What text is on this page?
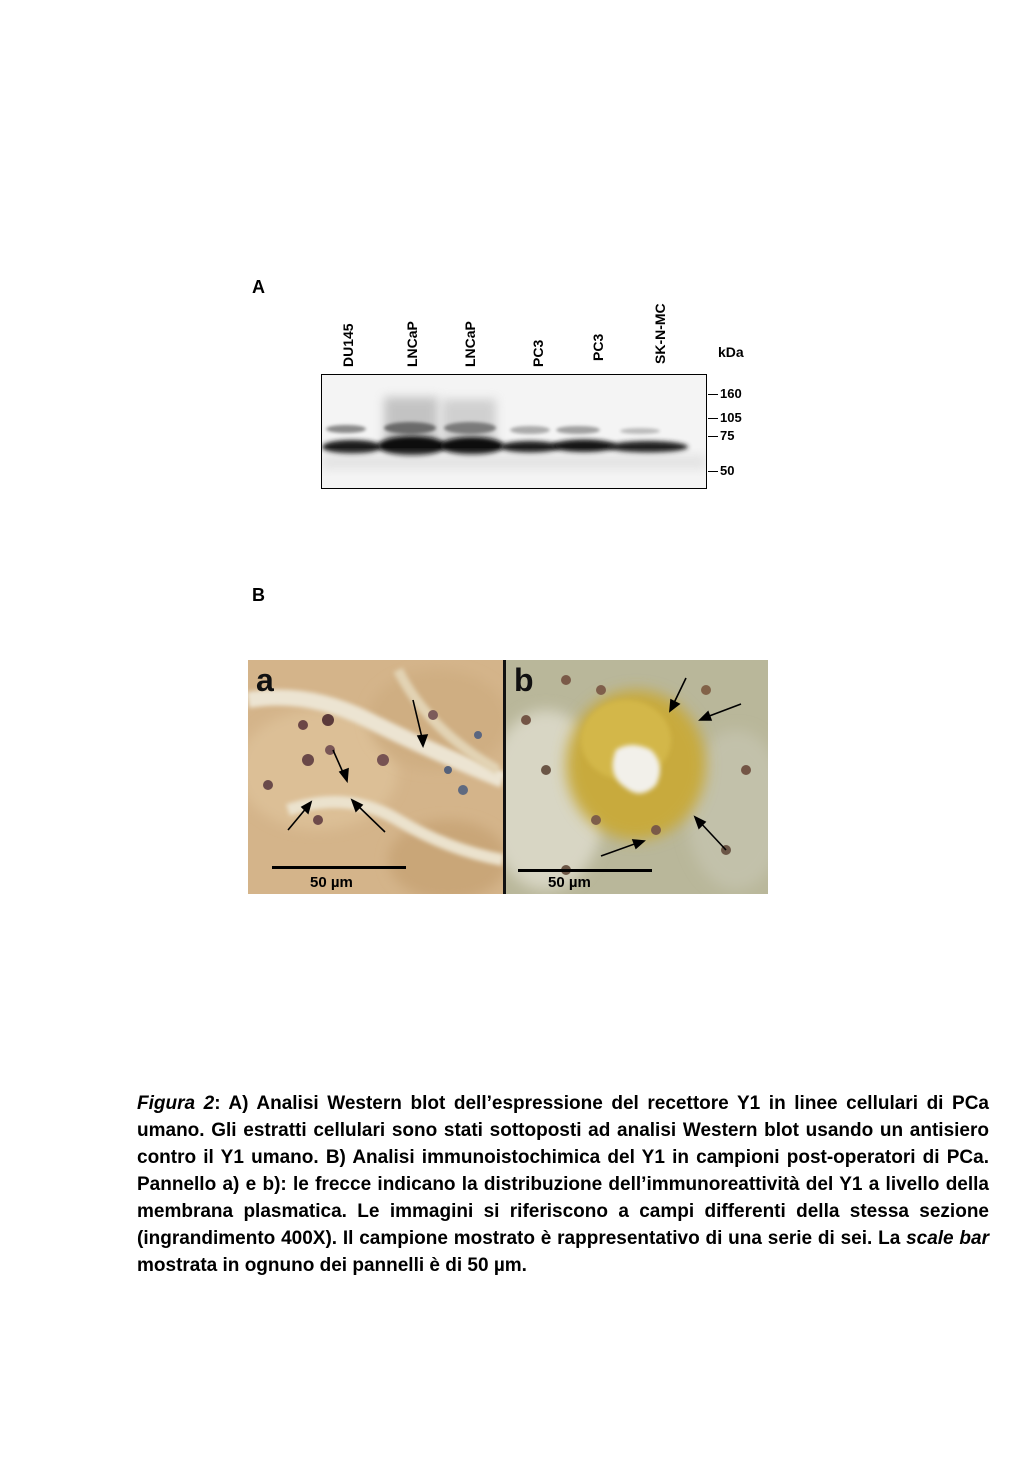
A
DU145	LNCaP	LNCaP	PC3	PC3	SK-N-MC	kDa
160
105
75
50
B
a
50 µm
b
50 µm
Figura 2: A) Analisi Western blot dell’espressione del recettore Y1 in linee cellulari di PCa umano. Gli estratti cellulari sono stati sottoposti ad analisi Western blot usando un antisiero contro il Y1 umano. B) Analisi immunoistochimica del Y1 in campioni post-operatori di PCa. Pannello a) e b): le frecce indicano la distribuzione dell’immunoreattività del Y1 a livello della membrana plasmatica. Le immagini si riferiscono a campi differenti della stessa sezione (ingrandimento 400X). Il campione mostrato è rappresentativo di una serie di sei. La scale bar mostrata in ognuno dei pannelli è di 50 µm.
